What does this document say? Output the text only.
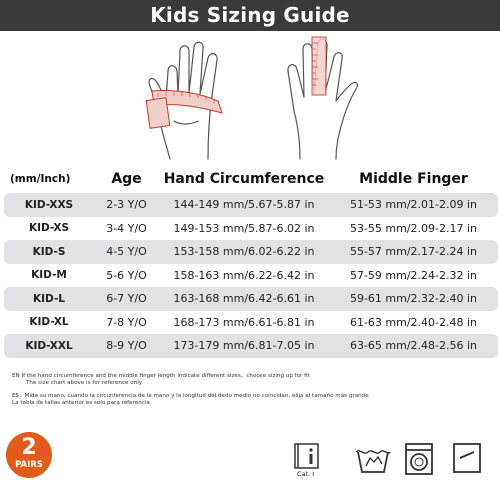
Kids Sizing Guide
(mm/Inch)	Age	Hand Circumference	Middle Finger
KID-XXS	2-3 Y/O	144-149 mm/5.67-5.87 in	51-53 mm/2.01-2.09 in
KID-XS	3-4 Y/O	149-153 mm/5.87-6.02 in	53-55 mm/2.09-2.17 in
KID-S	4-5 Y/O	153-158 mm/6.02-6.22 in	55-57 mm/2.17-2.24 in
KID-M	5-6 Y/O	158-163 mm/6.22-6.42 in	57-59 mm/2.24-2.32 in
KID-L	6-7 Y/O	163-168 mm/6.42-6.61 in	59-61 mm/2.32-2.40 in
KID-XL	7-8 Y/O	168-173 mm/6.61-6.81 in	61-63 mm/2.40-2.48 in
KID-XXL	8-9 Y/O	173-179 mm/6.81-7.05 in	63-65 mm/2.48-2.56 in

EN If the hand circumference and the middle finger length indicate different sizes，choose sizing up for fit
The size chart above is for reference only

ES：Mida su mano, cuando la circunferencia de la mano y la longitud del dedo medio no coincidan, elija el tamaño más grande
La tabla de tallas anterior es solo para referencia

2
PAIRS
Cat. I
